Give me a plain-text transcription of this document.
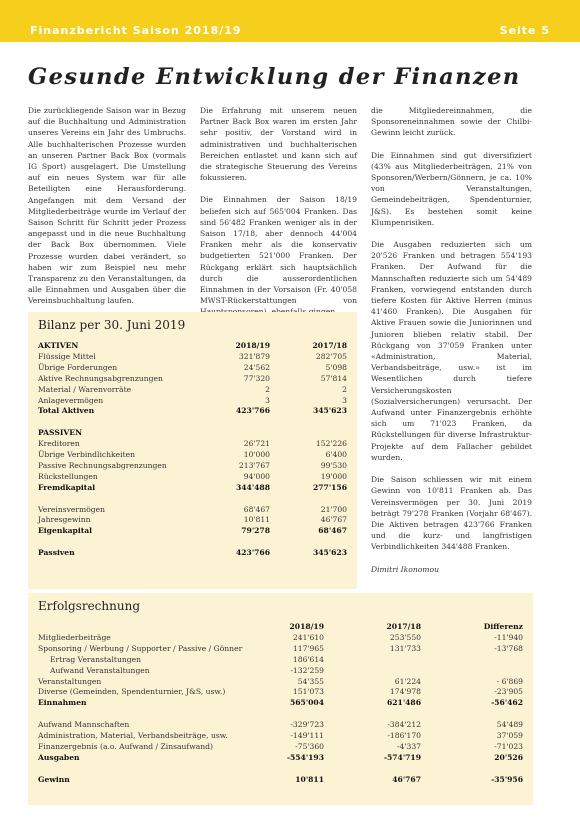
Finanzbericht Saison 2018/19	Seite 5
Gesunde Entwicklung der Finanzen

Die zurückliegende Saison war in Bezug auf die Buchhaltung und Administration unseres Vereins ein Jahr des Umbruchs. Alle buchhalterischen Prozesse wurden an unseren Partner Back Box (vormals IG Sport) ausgelagert. Die Umstellung auf ein neues System war für alle Beteiligten eine Herausforderung. Angefangen mit dem Versand der Mitgliederbeiträge wurde im Verlauf der Saison Schritt für Schritt jeder Prozess angepasst und in die neue Buchhaltung der Back Box übernommen. Viele Prozesse wurden dabei verändert, so haben wir zum Beispiel neu mehr Transparenz zu den Veranstaltungen, da alle Einnahmen und Ausgaben über die Vereinsbuchhaltung laufen.

Die Erfahrung mit unserem neuen Partner Back Box waren im ersten Jahr sehr positiv, der Vorstand wird in administrativen und buchhalterischen Bereichen entlastet und kann sich auf die strategische Steuerung des Vereins fokussieren.

Die Einnahmen der Saison 18/19 beliefen sich auf 565'004 Franken. Das sind 56'482 Franken weniger als in der Saison 17/18, aber dennoch 44'004 Franken mehr als die konservativ budgetierten 521'000 Franken. Der Rückgang erklärt sich hauptsächlich durch die ausserordentlichen Einnahmen in der Vorsaison (Fr. 40'058 MWST-Rückerstattungen von

die Mitgliedereinnahmen, die Sponsoreneinnahmen sowie der Chilbi-Gewinn leicht zurück.

Die Einnahmen sind gut diversifiziert (43% aus Mitgliederbeiträgen, 21% von Sponsoren/Werbern/Gönnern, je ca. 10% von Veranstaltungen, Gemeindebeiträgen, Spendenturnier, J&S). Es bestehen somit keine Klumpenrisiken.

Die Ausgaben reduzierten sich um 20'526 Franken und betragen 554'193 Franken. Der Aufwand für die Mannschaften reduzierte sich um 54'489 Franken, vorwiegend entstanden durch tiefere Kosten für Aktive Herren (minus 41'460 Franken). Die Ausgaben für Aktive Frauen sowie die Juniorinnen und Junioren blieben relativ stabil. Der Rückgang von 37'059 Franken unter «Administration, Material, Verbandsbeiträge, usw.» ist im Wesentlichen durch tiefere Versicherungskosten (Sozialversicherungen) verursacht. Der Aufwand unter Finanzergebnis erhöhte sich um 71'023 Franken, da Rückstellungen für diverse Infrastruktur-Projekte auf dem Fallacher gebildet wurden.

Die Saison schliessen wir mit einem Gewinn von 10'811 Franken ab. Das Vereinsvermögen per 30. Juni 2019 beträgt 79'278 Franken (Vorjahr 68'467). Die Aktiven betragen 423'766 Franken und die kurz- und langfristigen Verbindlichkeiten 344'488 Franken.

Dimitri Ikonomou

Bilanz per 30. Juni 2019
AKTIVEN	2018/19	2017/18
Flüssige Mittel	321'879	282'705
Übrige Forderungen	24'562	5'098
Aktive Rechnungsabgrenzungen	77'320	57'814
Material / Warenvorräte	2	2
Anlagevermögen	3	3
Total Aktiven	423'766	345'623

PASSIVEN		
Kreditoren	26'721	152'226
Übrige Verbindlichkeiten	10'000	6'400
Passive Rechnungsabgrenzungen	213'767	99'530
Rückstellungen	94'000	19'000
Fremdkapital	344'488	277'156

Vereinsvermögen	68'467	21'700
Jahresgewinn	10'811	46'767
Eigenkapital	79'278	68'467

Passiven	423'766	345'623
Erfolgsrechnung
	2018/19	2017/18	Differenz
Mitgliederbeiträge	241'610	253'550	-11'940
Sponsoring / Werbung / Supporter / Passive / Gönner	117'965	131'733	-13'768
Ertrag Veranstaltungen	186'614		
Aufwand Veranstaltungen	-132'259		
Veranstaltungen	54'355	61'224	- 6'869
Diverse (Gemeinden, Spendenturnier, J&S, usw.)	151'073	174'978	-23'905
Einnahmen	565'004	621'486	-56'462

Aufwand Mannschaften	-329'723	-384'212	54'489
Administration, Material, Verbandsbeiträge, usw.	-149'111	-186'170	37'059
Finanzergebnis (a.o. Aufwand / Zinsaufwand)	-75'360	-4'337	-71'023
Ausgaben	-554'193	-574'719	20'526

Gewinn	10'811	46'767	-35'956
